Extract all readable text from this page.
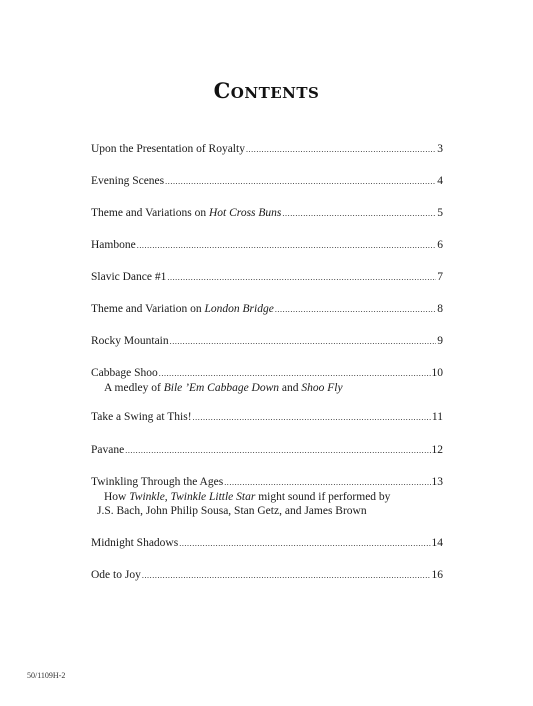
Contents
Upon the Presentation of Royalty .....	3
Evening Scenes .....	4
Theme and Variations on Hot Cross Buns .....	5
Hambone .....	6
Slavic Dance #1 .....	7
Theme and Variation on London Bridge .....	8
Rocky Mountain .....	9
Cabbage Shoo .....	10
A medley of Bile ’Em Cabbage Down and Shoo Fly
Take a Swing at This! .....	11
Pavane .....	12
Twinkling Through the Ages .....	13
How Twinkle, Twinkle Little Star might sound if performed by
J.S. Bach, John Philip Sousa, Stan Getz, and James Brown
Midnight Shadows .....	14
Ode to Joy .....	16
50/1109H-2
